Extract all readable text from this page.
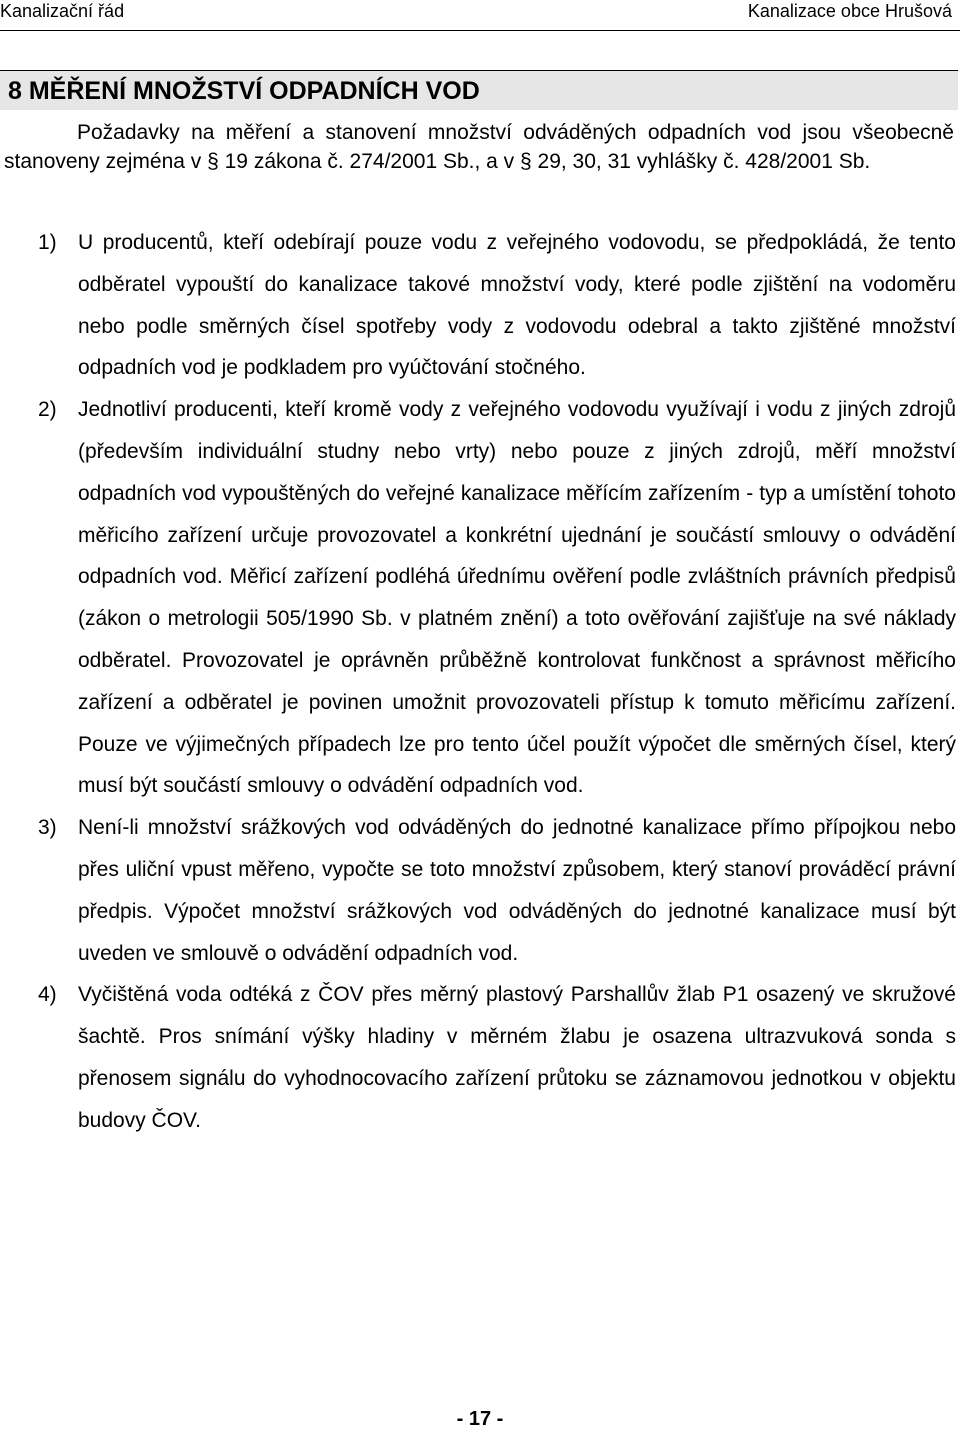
Kanalizační řád	Kanalizace obce Hrušová
8 MĚŘENÍ MNOŽSTVÍ ODPADNÍCH VOD
Požadavky na měření a stanovení množství odváděných odpadních vod jsou všeobecně stanoveny zejména v § 19 zákona č. 274/2001 Sb., a v § 29, 30, 31 vyhlášky č. 428/2001 Sb.
1) U producentů, kteří odebírají pouze vodu z veřejného vodovodu, se předpokládá, že tento odběratel vypouští do kanalizace takové množství vody, které podle zjištění na vodoměru nebo podle směrných čísel spotřeby vody z vodovodu odebral a takto zjištěné množství odpadních vod je podkladem pro vyúčtování stočného.
2) Jednotliví producenti, kteří kromě vody z veřejného vodovodu využívají i vodu z jiných zdrojů (především individuální studny nebo vrty) nebo pouze z jiných zdrojů, měří množství odpadních vod vypouštěných do veřejné kanalizace měřícím zařízením - typ a umístění tohoto měřicího zařízení určuje provozovatel a konkrétní ujednání je součástí smlouvy o odvádění odpadních vod. Měřicí zařízení podléhá úřednímu ověření podle zvláštních právních předpisů (zákon o metrologii 505/1990 Sb. v platném znění) a toto ověřování zajišťuje na své náklady odběratel. Provozovatel je oprávněn průběžně kontrolovat funkčnost a správnost měřicího zařízení a odběratel je povinen umožnit provozovateli přístup k tomuto měřicímu zařízení. Pouze ve výjimečných případech lze pro tento účel použít výpočet dle směrných čísel, který musí být součástí smlouvy o odvádění odpadních vod.
3) Není-li množství srážkových vod odváděných do jednotné kanalizace přímo přípojkou nebo přes uliční vpust měřeno, vypočte se toto množství způsobem, který stanoví prováděcí právní předpis. Výpočet množství srážkových vod odváděných do jednotné kanalizace musí být uveden ve smlouvě o odvádění odpadních vod.
4) Vyčištěná voda odtéká z ČOV přes měrný plastový Parshallův žlab P1 osazený ve skružové šachtě. Pros snímání výšky hladiny v měrném žlabu je osazena ultrazvuková sonda s přenosem signálu do vyhodnocovacího zařízení průtoku se záznamovou jednotkou v objektu budovy ČOV.
- 17 -
